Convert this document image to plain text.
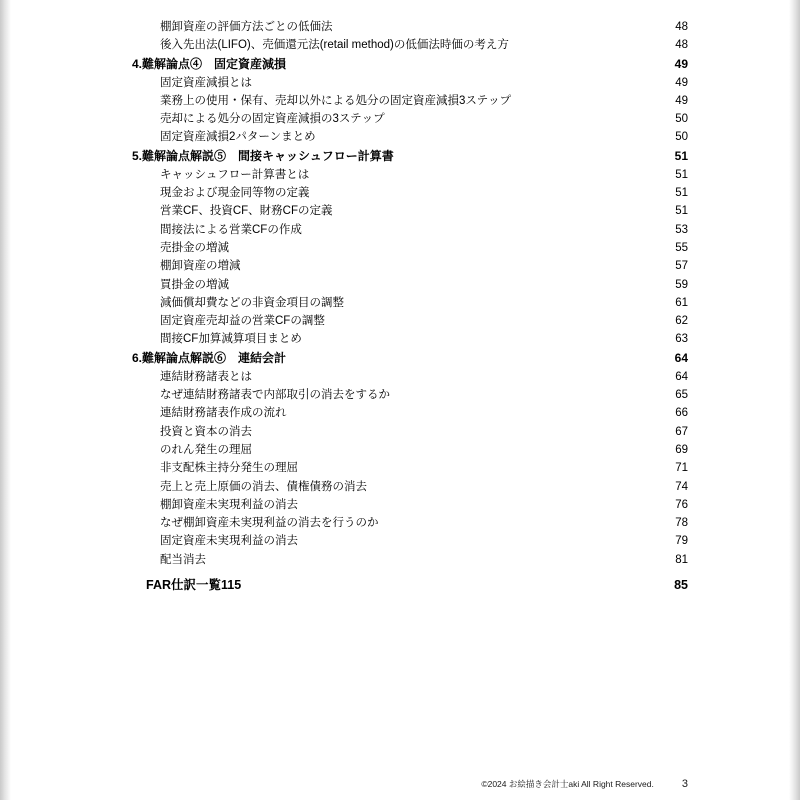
棚卸資産の評価方法ごとの低価法	48
後入先出法(LIFO)、売価還元法(retail method)の低価法時価の考え方	48
4.難解論点④　固定資産減損	49
固定資産減損とは	49
業務上の使用・保有、売却以外による処分の固定資産減損3ステップ	49
売却による処分の固定資産減損の3ステップ	50
固定資産減損2パターンまとめ	50
5.難解論点解説⑤　間接キャッシュフロー計算書	51
キャッシュフロー計算書とは	51
現金および現金同等物の定義	51
営業CF、投資CF、財務CFの定義	51
間接法による営業CFの作成	53
売掛金の増減	55
棚卸資産の増減	57
買掛金の増減	59
減価償却費などの非資金項目の調整	61
固定資産売却益の営業CFの調整	62
間接CF加算減算項目まとめ	63
6.難解論点解説⑥　連結会計	64
連結財務諸表とは	64
なぜ連結財務諸表で内部取引の消去をするか	65
連結財務諸表作成の流れ	66
投資と資本の消去	67
のれん発生の理屈	69
非支配株主持分発生の理屈	71
売上と売上原価の消去、債権債務の消去	74
棚卸資産未実現利益の消去	76
なぜ棚卸資産未実現利益の消去を行うのか	78
固定資産未実現利益の消去	79
配当消去	81
FAR仕訳一覧115	85
©2024 お絵描き会計士aki All Right Reserved.	3
